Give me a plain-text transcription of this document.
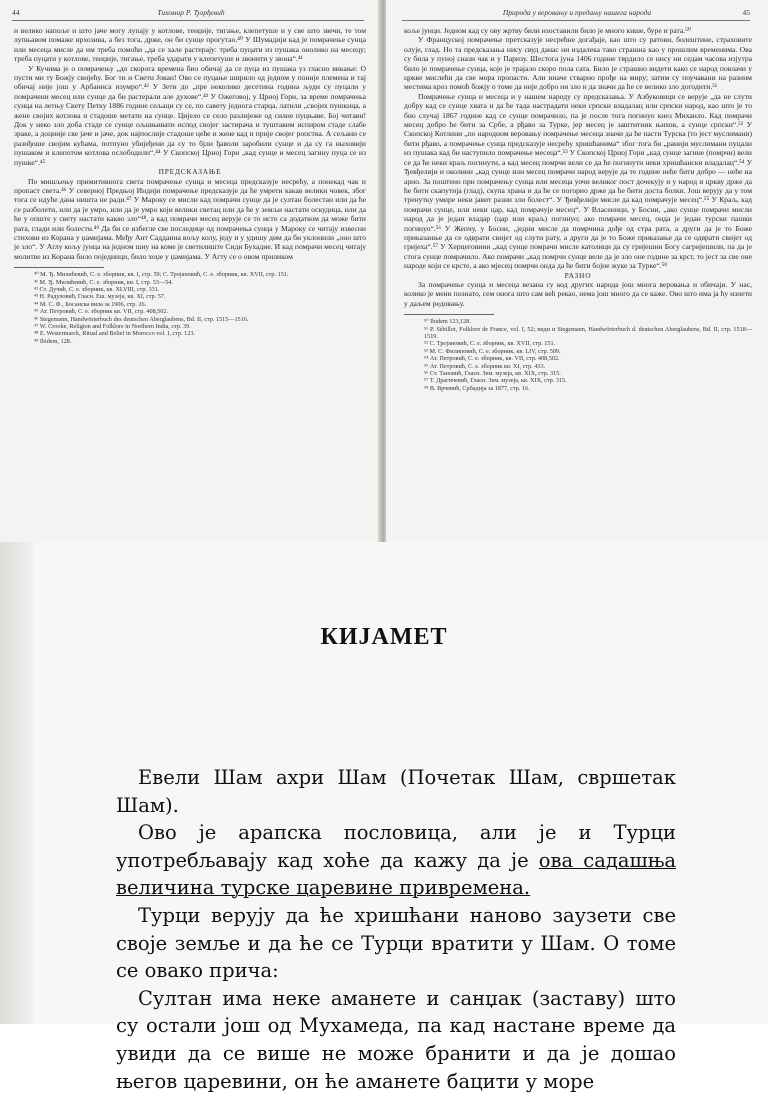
44	Тихомир Р. Ђорђевић

и велико напоље и што јаче могу лупају у котлове, тенџије, тигање, клепетуше и у све што звечи, те том лупњавом помаже ирхозива, а без тога, држе, он би сунце прогутао.⁴⁰ У Шумадији кад је помрачење сунца или месеца мисле да им треба помоћи „да се хале растерају: треба пуцати из пушака онолико на месецу; треба пуцати у котлове, тенџије, тигање, треба ударати у клепетуше и звонити у звона“.⁴¹

У Кучима је о помрачењу „до скорога времена био обичај да се пуца из пушака уз гласно викање: О пусти ми ту Божју свијећу. Бог ти и Свети Јован! Ово се пуцање ширило од једном у поније племена и тај обичај није још у Арбаниса изумро“.⁴² У Зети до „пре неколико десетина година људи су пуцали у помрачени месец или сунце да би растерали але духове“.⁴³ У Ожеговој, у Црној Гори, за време помрачења сунца на летњу Свету Петку 1886 године сељаци су се, по савету једнога старца, латили „својих пушкица, а жене својих котлова и стадоше метати на сунце. Цијело се село разлијеже од силне пуцњаве. Бој читави! Док у неко зло доба стаде се сунце ољшњивати испод својег застирача и туштавим испиром стаде слабе зраке, а доцније све јаче и јаче, док најпослије стадоше цеће и жене кад и прије својег ропства. А сељани се разиђоше својим кућама, потпуно убијеђени да су то бјли ђаволи заробили сунце и да су га ныховији пушаком и клепотом котлова ослободили“.⁴⁴ У Скопској Црној Гори „кад сунце и месец загину пуца се из пушке“.⁴⁵

ПРЕДСКАЗАЊЕ

По мишљењу примитивнога света помрачење сунца и месеца предсказује несрећу, а понекад чак и пропаст света.⁴⁶ У северној Предњој Индији помрачење предсказује да ће умрети какав велики човек, због тога се идуће дана ништа не ради.⁴⁷ У Мароку се мисли кад помрачи сунце да је султан болестан или да ће се разболети, или да је умро, или да је умро који велики светац или да ће у земљи настати оскудица, или да ће у опште у свету настати какво зло“⁴⁸, а кад помрачи месец верује се то исто са додатком да може бити рата, глади или болести.⁴⁹ Да би се избегле све последице од помрачења сунца у Мароку се читају извесни стихови из Корана у џамијама. Међу Ант Саддаина вољу колу, једу и у удишу дим да би уклонили „оно што је зло“. У Аглу кољу јунца на једном шиу на коме је светилиште Сиди Бухадие. И кад помрачи месец читају молитве из Корана било појединци, било хоџе у џамијама. У Агту се о овом приликом

⁴⁰ М. Ђ. Милићевић, С. е. зборник, кв. I, стр. 59; С. Тројановић, С. е. зборник, кв. XVII, стр. 151.
⁴¹ М. Ђ. Милићевић, С. е. зборник, кв. I, стр. 53—54.
⁴² Ст. Дучић, С. е. зборник, кв. XLVIII, стр. 331.
⁴³ Н. Радуловић, Гласн. Еш. музеја, кв. XI, стр. 57.
⁴⁴ М. С. Ф., Босанска вила за 1906, стр. 26.
⁴⁵ Ат. Петровић, С. е. зборник кв. VII, стр. 408,502.
⁴⁶ Stegemann, Handwörterbuch des deutschen Aberglaubens, Bd. II, стр. 1515—1516.
⁴⁷ W. Crooke, Religion and Folklore in Northern India, стр. 39.
⁴⁸ E. Westermarck, Ritual and Belief in Morocco vol. I, стр. 123.
⁴⁹ Ibidem, 128.
Природа у веровању и предању нашега народа	45

коље јунци. Једном кад су ову жртву били изоставили било је много кише, буре и рата.⁵⁰

У Француској помрачење претсказује несрећне догађаје, као што су ратови, болештине, страховите олује, глад. Но та предсказања нису свуд данас ни издалека тако страшна као у прошлим временима. Ова су била у пуној снази чак и у Паризу. Шестога јуна 1406 године тврдило се нису ни седам часова изјутра било је помрачење сунца, које је трајало скоро пола сата. Било је страшно видети како се народ повлачи у цркве мислећи да све мора пропасти. Али иначе стварно прође на миру; затим су поучавани на разним местима кроз помоћ божју о томе да није добро ни зло и да значи да ће се велико зло догодити.⁵¹

Помрачење сунца и месеца и у нашем народу су предсказања. У Азбуковици се верује „да не слути добру кад се сунце хвата и да ће тада настрадати неки српски владалац или српски народ, као што је то био случај 1867 године кад се сунце помрачило, па је после тога погинуо кнез Михаило. Кад помрачи месец добро ће бити за Србе, а рђаво за Турке, јер месец је заштитник њихов, а сунце српски“.⁵² У Скопској Котлини „по народном веровању помрачење месеца значи да ће пасти Турска (то јест муслимани) бити рђаво, а помрачење сунца предсказује несрећу хришћанима“ због тога би „ранији муслимани пуцали из пушака кад би наступило помрачење месеца“.⁵³ У Скопској Црној Гори „кад сунце загине (помрчи) вели се да ће неки краљ погинути, а кад месец помрчи вели се да ће погинути неки хришћански владалац“.⁵⁴ У Ђевђелији и околини „кад сунце или месец помрачи народ верује да те године неће бити добро — неће на арно. За поштено при помрачењу сунца или месеца уочи великог пост дочекују и у народ и цркву држе да ће бити скапутија (глад), скупа храна и да ће се погорио држе да ће бити доста болки. Још верују да у том тренутку умире неки јавит разни зли болест“. У Ђевђелији мисле да кад помрачује месец“.⁵⁵ У Краљ, кад помрачи сунце, или неки цар, кад помрачује месец“. У Власеници, у Босни, „ако сунце помрачи мисли народ да је један владар (цар или краљ) погинуо; ако помрачи месец, онда је један турски пашки погинуо“.⁵⁶ У Жепчу, у Босни, „једни мисле да помрчина дође од стра рата, а други да је то Боже приказанње да се одврати свијет од слути рату, а други да је то Боже приказање да се одврати свијет од гријеха“.⁵⁷ У Херцеговини „кад сунце помрачи мисле католици да су гријешни Богу сагријешили, па да је стога сунце помрачило. Ако помрачи „кад помрчи сунце веле да је зло оне године за крст, то јест за све оне народе који се крсте, а ако мјесец помрчи онда да ће бити бојне жуке за Турке“.⁵⁸

РАЗНО

За помрачење сунца и месеца везана су код других народа још многа веровања и обичаји. У нас, колико је мени познато, сем онога што сам већ рекао, нема још много да се каже. Ово што има ја ћу изнети у даљем редовању.

⁵⁰ Ibidem 123,128.
⁵¹ P. Sébillot, Folklore de France, vol. I, 52; види и Stegemann, Handwörterbuch d. deutschen Aberglaubens, Bd. II, стр. 1518—1519.
⁵² С. Тројановић, С. е. зборник, кв. XVII, стр. 151.
⁵³ М. С. Филиповић, С. е. зборник, кв. LIV, стр. 509.
⁵⁴ Ат. Петровић, С. е. зборник, кв. VII, стр. 408,502.
⁵⁵ Ат. Петровић, С. е. зборник кв. XI, стр. 433.
⁵⁶ Ст. Тановић, Гласн. Зем. музеја, кв. XIX, стр. 315.
⁵⁷ Т. Драгичевић, Гласн. Зем. музеја, кв. XIX, стр. 315.
⁵⁸ В. Врчевић, Србадија за 1877, стр. 16.
КИЈАМЕТ

Евели Шам ахри Шам (Почетак Шам, свршетак Шам).

Ово је арапска пословица, али је и Турци употребљавају кад хоће да кажу да је ова садашња величина турске царевине привремена.

Турци верују да ће хришћани наново заузети све своје земље и да ће се Турци вратити у Шам. О томе се овако прича:

Султан има неке аманете и санџак (заставу) што су остали још од Мухамеда, па кад настане време да увиди да се више не може бранити и да је дошао његов царевини, он ће аманете бацити у море
